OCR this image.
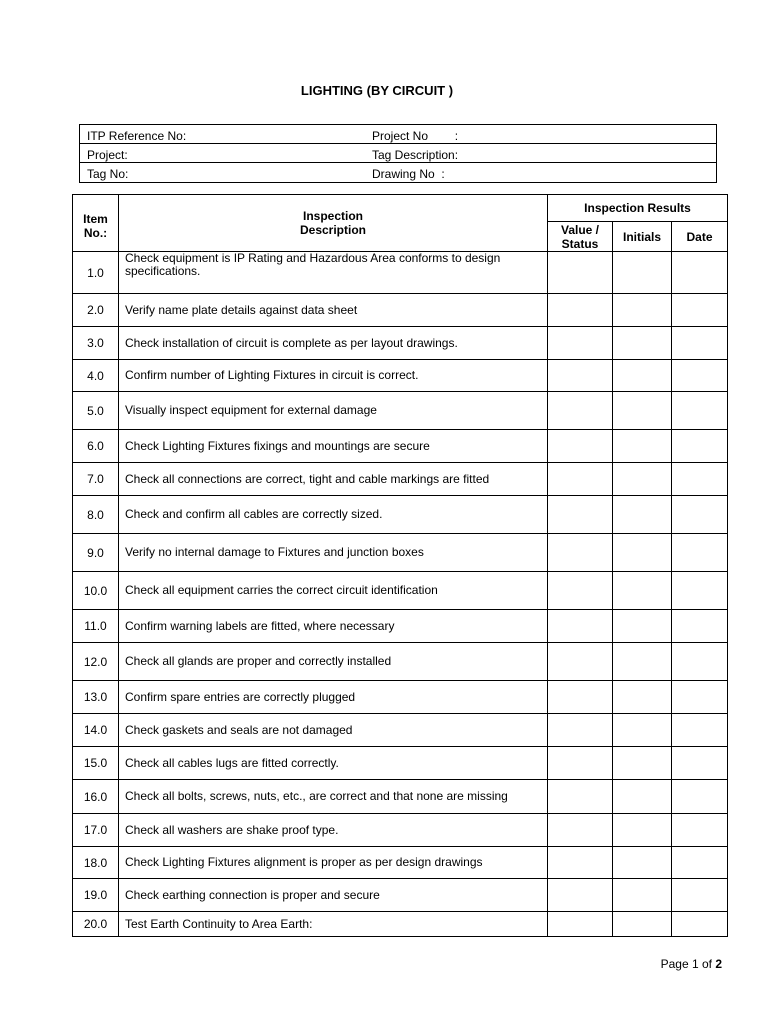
LIGHTING (BY CIRCUIT )
ITP Reference No:	Project No        :
Project:	Tag Description:
Tag No:	Drawing No  :
Item No.:	Inspection Description	Inspection Results		
		Value / Status	Initials	Date
1.0	Check equipment is IP Rating and Hazardous Area conforms to design specifications.			
2.0	Verify name plate details against data sheet			
3.0	Check installation of circuit is complete as per layout drawings.			
4.0	Confirm number of Lighting Fixtures in circuit is correct.			
5.0	Visually inspect equipment for external damage			
6.0	Check Lighting Fixtures fixings and mountings are secure			
7.0	Check all connections are correct, tight and cable markings are fitted			
8.0	Check and confirm all cables are correctly sized.			
9.0	Verify no internal damage to Fixtures and junction boxes			
10.0	Check all equipment carries the correct circuit identification			
11.0	Confirm warning labels are fitted, where necessary			
12.0	Check all glands are proper and correctly installed			
13.0	Confirm spare entries are correctly plugged			
14.0	Check gaskets and seals are not damaged			
15.0	Check all cables lugs are fitted correctly.			
16.0	Check all bolts, screws, nuts, etc., are correct and that none are missing			
17.0	Check all washers are shake proof type.			
18.0	Check Lighting Fixtures alignment is proper as per design drawings			
19.0	Check earthing connection is proper and secure			
20.0	Test Earth Continuity to Area Earth:			
Page 1 of 2
